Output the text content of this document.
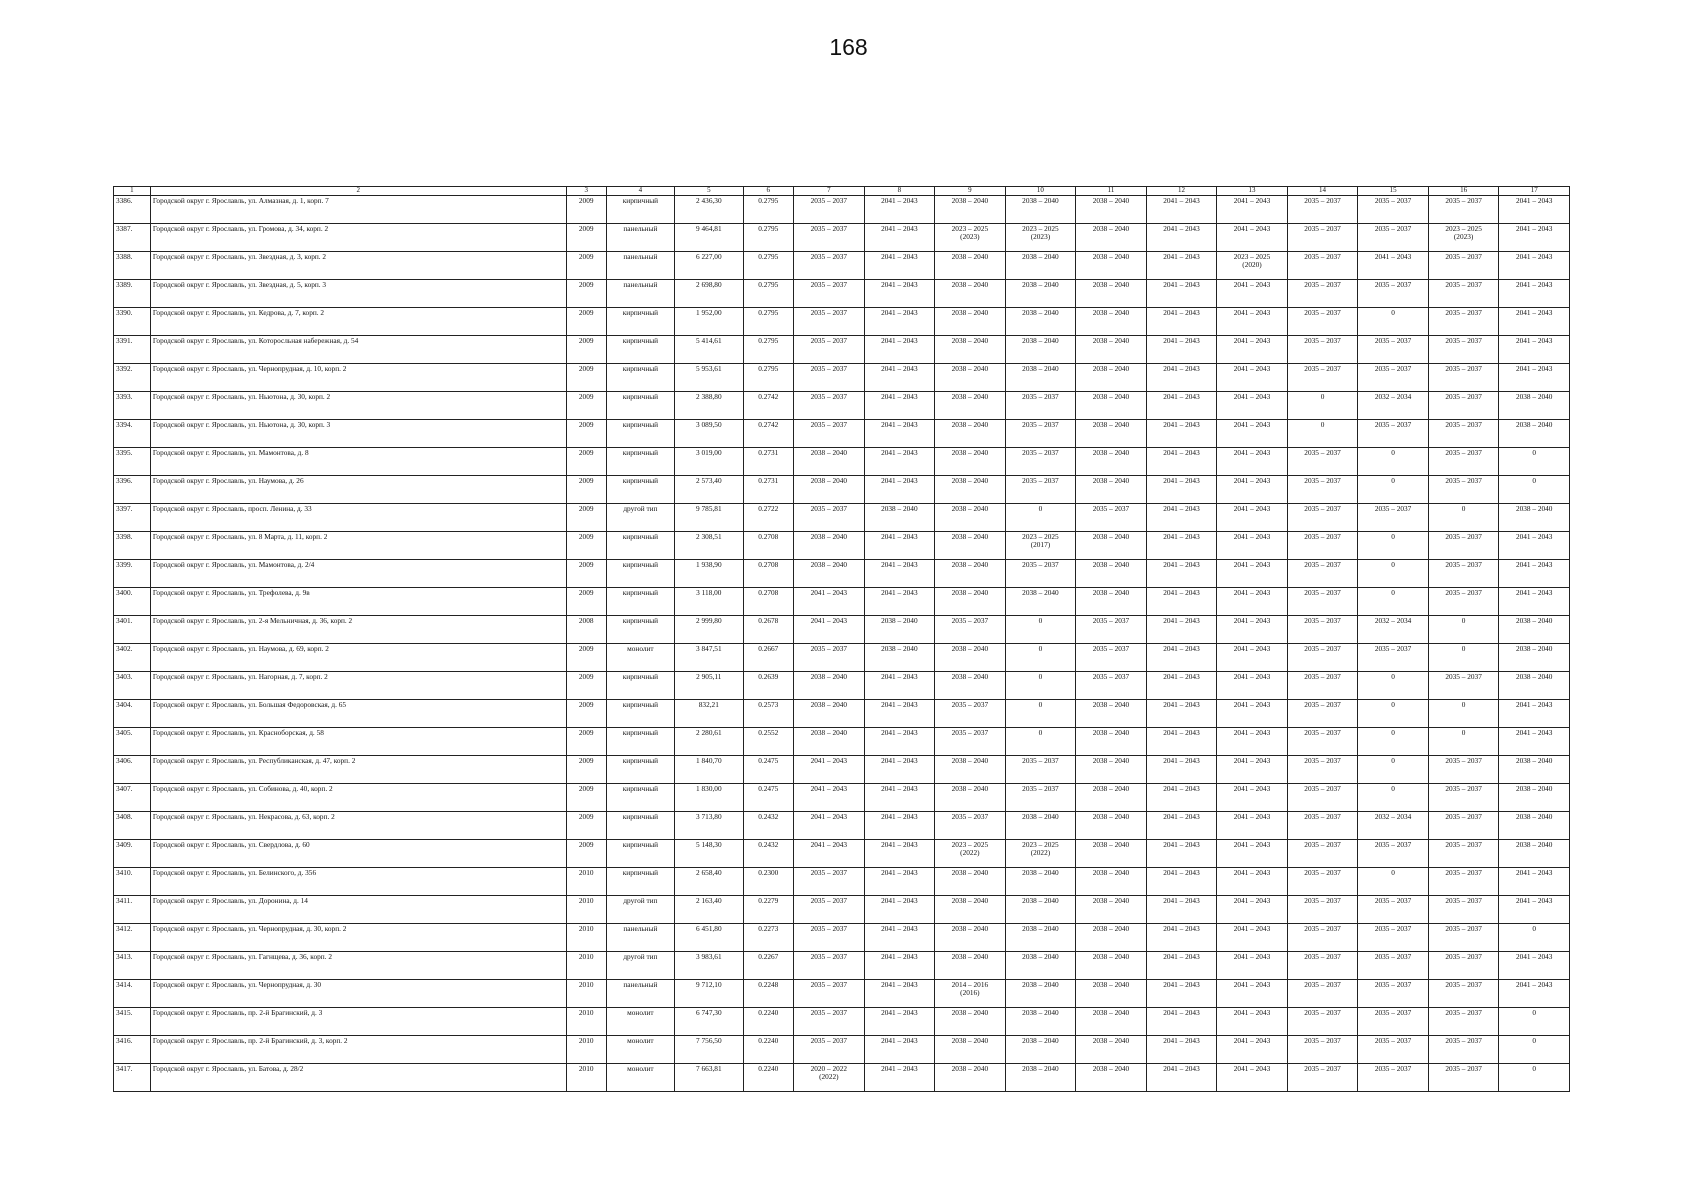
168
1	2	3	4	5	6	7	8	9	10	11	12	13	14	15	16	17

3386.	Городской округ г. Ярославль, ул. Алмазная, д. 1, корп. 7	2009	кирпичный	2 436,30	0.2795	2035 – 2037	2041 – 2043	2038 – 2040	2038 – 2040	2038 – 2040	2041 – 2043	2041 – 2043	2035 – 2037	2035 – 2037	2035 – 2037	2041 – 2043

3387.	Городской округ г. Ярославль, ул. Громова, д. 34, корп. 2	2009	панельный	9 464,81	0.2795	2035 – 2037	2041 – 2043	2023 – 2025
(2023)	2023 – 2025
(2023)	2038 – 2040	2041 – 2043	2041 – 2043	2035 – 2037	2035 – 2037	2023 – 2025
(2023)	2041 – 2043

3388.	Городской округ г. Ярославль, ул. Звездная, д. 3, корп. 2	2009	панельный	6 227,00	0.2795	2035 – 2037	2041 – 2043	2038 – 2040	2038 – 2040	2038 – 2040	2041 – 2043	2023 – 2025
(2020)	2035 – 2037	2041 – 2043	2035 – 2037	2041 – 2043

3389.	Городской округ г. Ярославль, ул. Звездная, д. 5, корп. 3	2009	панельный	2 698,80	0.2795	2035 – 2037	2041 – 2043	2038 – 2040	2038 – 2040	2038 – 2040	2041 – 2043	2041 – 2043	2035 – 2037	2035 – 2037	2035 – 2037	2041 – 2043

3390.	Городской округ г. Ярославль, ул. Кедрова, д. 7, корп. 2	2009	кирпичный	1 952,00	0.2795	2035 – 2037	2041 – 2043	2038 – 2040	2038 – 2040	2038 – 2040	2041 – 2043	2041 – 2043	2035 – 2037	0	2035 – 2037	2041 – 2043

3391.	Городской округ г. Ярославль, ул. Которосльная набережная, д. 54	2009	кирпичный	5 414,61	0.2795	2035 – 2037	2041 – 2043	2038 – 2040	2038 – 2040	2038 – 2040	2041 – 2043	2041 – 2043	2035 – 2037	2035 – 2037	2035 – 2037	2041 – 2043

3392.	Городской округ г. Ярославль, ул. Чернопрудная, д. 10, корп. 2	2009	кирпичный	5 953,61	0.2795	2035 – 2037	2041 – 2043	2038 – 2040	2038 – 2040	2038 – 2040	2041 – 2043	2041 – 2043	2035 – 2037	2035 – 2037	2035 – 2037	2041 – 2043

3393.	Городской округ г. Ярославль, ул. Ньютона, д. 30, корп. 2	2009	кирпичный	2 388,80	0.2742	2035 – 2037	2041 – 2043	2038 – 2040	2035 – 2037	2038 – 2040	2041 – 2043	2041 – 2043	0	2032 – 2034	2035 – 2037	2038 – 2040

3394.	Городской округ г. Ярославль, ул. Ньютона, д. 30, корп. 3	2009	кирпичный	3 089,50	0.2742	2035 – 2037	2041 – 2043	2038 – 2040	2035 – 2037	2038 – 2040	2041 – 2043	2041 – 2043	0	2035 – 2037	2035 – 2037	2038 – 2040

3395.	Городской округ г. Ярославль, ул. Мамонтова, д. 8	2009	кирпичный	3 019,00	0.2731	2038 – 2040	2041 – 2043	2038 – 2040	2035 – 2037	2038 – 2040	2041 – 2043	2041 – 2043	2035 – 2037	0	2035 – 2037	0

3396.	Городской округ г. Ярославль, ул. Наумова, д. 26	2009	кирпичный	2 573,40	0.2731	2038 – 2040	2041 – 2043	2038 – 2040	2035 – 2037	2038 – 2040	2041 – 2043	2041 – 2043	2035 – 2037	0	2035 – 2037	0

3397.	Городской округ г. Ярославль, просп. Ленина, д. 33	2009	другой тип	9 785,81	0.2722	2035 – 2037	2038 – 2040	2038 – 2040	0	2035 – 2037	2041 – 2043	2041 – 2043	2035 – 2037	2035 – 2037	0	2038 – 2040

3398.	Городской округ г. Ярославль, ул. 8 Марта, д. 11, корп. 2	2009	кирпичный	2 308,51	0.2708	2038 – 2040	2041 – 2043	2038 – 2040	2023 – 2025
(2017)	2038 – 2040	2041 – 2043	2041 – 2043	2035 – 2037	0	2035 – 2037	2041 – 2043

3399.	Городской округ г. Ярославль, ул. Мамонтова, д. 2/4	2009	кирпичный	1 938,90	0.2708	2038 – 2040	2041 – 2043	2038 – 2040	2035 – 2037	2038 – 2040	2041 – 2043	2041 – 2043	2035 – 2037	0	2035 – 2037	2041 – 2043

3400.	Городской округ г. Ярославль, ул. Трефолева, д. 9в	2009	кирпичный	3 118,00	0.2708	2041 – 2043	2041 – 2043	2038 – 2040	2038 – 2040	2038 – 2040	2041 – 2043	2041 – 2043	2035 – 2037	0	2035 – 2037	2041 – 2043

3401.	Городской округ г. Ярославль, ул. 2-я Мельничная, д. 36, корп. 2	2008	кирпичный	2 999,80	0.2678	2041 – 2043	2038 – 2040	2035 – 2037	0	2035 – 2037	2041 – 2043	2041 – 2043	2035 – 2037	2032 – 2034	0	2038 – 2040

3402.	Городской округ г. Ярославль, ул. Наумова, д. 69, корп. 2	2009	монолит	3 847,51	0.2667	2035 – 2037	2038 – 2040	2038 – 2040	0	2035 – 2037	2041 – 2043	2041 – 2043	2035 – 2037	2035 – 2037	0	2038 – 2040

3403.	Городской округ г. Ярославль, ул. Нагорная, д. 7, корп. 2	2009	кирпичный	2 905,11	0.2639	2038 – 2040	2041 – 2043	2038 – 2040	0	2035 – 2037	2041 – 2043	2041 – 2043	2035 – 2037	0	2035 – 2037	2038 – 2040

3404.	Городской округ г. Ярославль, ул. Большая Федоровская, д. 65	2009	кирпичный	832,21	0.2573	2038 – 2040	2041 – 2043	2035 – 2037	0	2038 – 2040	2041 – 2043	2041 – 2043	2035 – 2037	0	0	2041 – 2043

3405.	Городской округ г. Ярославль, ул. Красноборская, д. 58	2009	кирпичный	2 280,61	0.2552	2038 – 2040	2041 – 2043	2035 – 2037	0	2038 – 2040	2041 – 2043	2041 – 2043	2035 – 2037	0	0	2041 – 2043

3406.	Городской округ г. Ярославль, ул. Республиканская, д. 47, корп. 2	2009	кирпичный	1 840,70	0.2475	2041 – 2043	2041 – 2043	2038 – 2040	2035 – 2037	2038 – 2040	2041 – 2043	2041 – 2043	2035 – 2037	0	2035 – 2037	2038 – 2040

3407.	Городской округ г. Ярославль, ул. Собинова, д. 40, корп. 2	2009	кирпичный	1 830,00	0.2475	2041 – 2043	2041 – 2043	2038 – 2040	2035 – 2037	2038 – 2040	2041 – 2043	2041 – 2043	2035 – 2037	0	2035 – 2037	2038 – 2040

3408.	Городской округ г. Ярославль, ул. Некрасова, д. 63, корп. 2	2009	кирпичный	3 713,80	0.2432	2041 – 2043	2041 – 2043	2035 – 2037	2038 – 2040	2038 – 2040	2041 – 2043	2041 – 2043	2035 – 2037	2032 – 2034	2035 – 2037	2038 – 2040

3409.	Городской округ г. Ярославль, ул. Свердлова, д. 60	2009	кирпичный	5 148,30	0.2432	2041 – 2043	2041 – 2043	2023 – 2025
(2022)	2023 – 2025
(2022)	2038 – 2040	2041 – 2043	2041 – 2043	2035 – 2037	2035 – 2037	2035 – 2037	2038 – 2040

3410.	Городской округ г. Ярославль, ул. Белинского, д. 356	2010	кирпичный	2 658,40	0.2300	2035 – 2037	2041 – 2043	2038 – 2040	2038 – 2040	2038 – 2040	2041 – 2043	2041 – 2043	2035 – 2037	0	2035 – 2037	2041 – 2043

3411.	Городской округ г. Ярославль, ул. Доронина, д. 14	2010	другой тип	2 163,40	0.2279	2035 – 2037	2041 – 2043	2038 – 2040	2038 – 2040	2038 – 2040	2041 – 2043	2041 – 2043	2035 – 2037	2035 – 2037	2035 – 2037	2041 – 2043

3412.	Городской округ г. Ярославль, ул. Чернопрудная, д. 30, корп. 2	2010	панельный	6 451,80	0.2273	2035 – 2037	2041 – 2043	2038 – 2040	2038 – 2040	2038 – 2040	2041 – 2043	2041 – 2043	2035 – 2037	2035 – 2037	2035 – 2037	0

3413.	Городской округ г. Ярославль, ул. Гагнщева, д. 36, корп. 2	2010	другой тип	3 983,61	0.2267	2035 – 2037	2041 – 2043	2038 – 2040	2038 – 2040	2038 – 2040	2041 – 2043	2041 – 2043	2035 – 2037	2035 – 2037	2035 – 2037	2041 – 2043

3414.	Городской округ г. Ярославль, ул. Чернопрудная, д. 30	2010	панельный	9 712,10	0.2248	2035 – 2037	2041 – 2043	2014 – 2016
(2016)	2038 – 2040	2038 – 2040	2041 – 2043	2041 – 2043	2035 – 2037	2035 – 2037	2035 – 2037	2041 – 2043

3415.	Городской округ г. Ярославль, пр. 2-й Брагинский, д. 3	2010	монолит	6 747,30	0.2240	2035 – 2037	2041 – 2043	2038 – 2040	2038 – 2040	2038 – 2040	2041 – 2043	2041 – 2043	2035 – 2037	2035 – 2037	2035 – 2037	0

3416.	Городской округ г. Ярославль, пр. 2-й Брагинский, д. 3, корп. 2	2010	монолит	7 756,50	0.2240	2035 – 2037	2041 – 2043	2038 – 2040	2038 – 2040	2038 – 2040	2041 – 2043	2041 – 2043	2035 – 2037	2035 – 2037	2035 – 2037	0

3417.	Городской округ г. Ярославль, ул. Батова, д. 28/2	2010	монолит	7 663,81	0.2240	2020 – 2022
(2022)	2041 – 2043	2038 – 2040	2038 – 2040	2038 – 2040	2041 – 2043	2041 – 2043	2035 – 2037	2035 – 2037	2035 – 2037	0
